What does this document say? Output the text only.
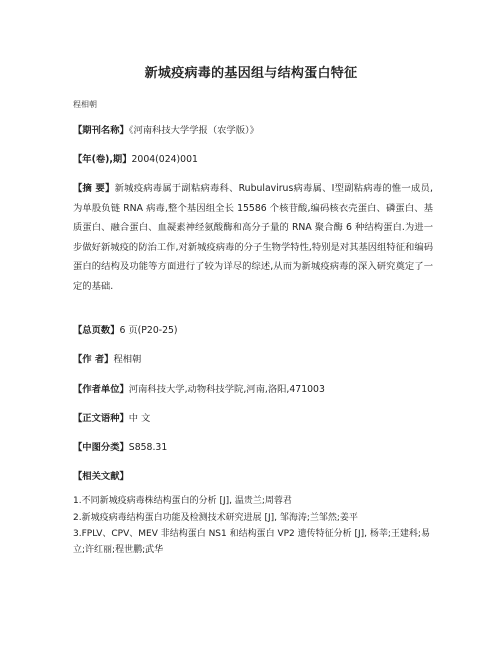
新城疫病毒的基因组与结构蛋白特征
程相朝
【期刊名称】《河南科技大学学报（农学版）》
【年(卷),期】2004(024)001
【摘 要】新城疫病毒属于副粘病毒科、Rubulavirus病毒属、Ⅰ型副粘病毒的惟一成员,为单股负链 RNA 病毒,整个基因组全长 15586 个核苷酸,编码核衣壳蛋白、磷蛋白、基质蛋白、融合蛋白、血凝素神经氨酸酶和高分子量的 RNA 聚合酶 6 种结构蛋白.为进一步做好新城疫的防治工作,对新城疫病毒的分子生物学特性,特别是对其基因组特征和编码蛋白的结构及功能等方面进行了较为详尽的综述,从而为新城疫病毒的深入研究奠定了一定的基础.
【总页数】6 页(P20-25)
【作 者】程相朝
【作者单位】河南科技大学,动物科技学院,河南,洛阳,471003
【正文语种】中 文
【中图分类】S858.31
【相关文献】
1.不同新城疫病毒株结构蛋白的分析 [J], 温贵兰;周蓉君
2.新城疫病毒结构蛋白功能及检测技术研究进展 [J], 邹海涛;兰邹然;姜平
3.FPLV、CPV、MEV 非结构蛋白 NS1 和结构蛋白 VP2 遗传特征分析 [J], 杨莘;王建科;易立;许红丽;程世鹏;武华
